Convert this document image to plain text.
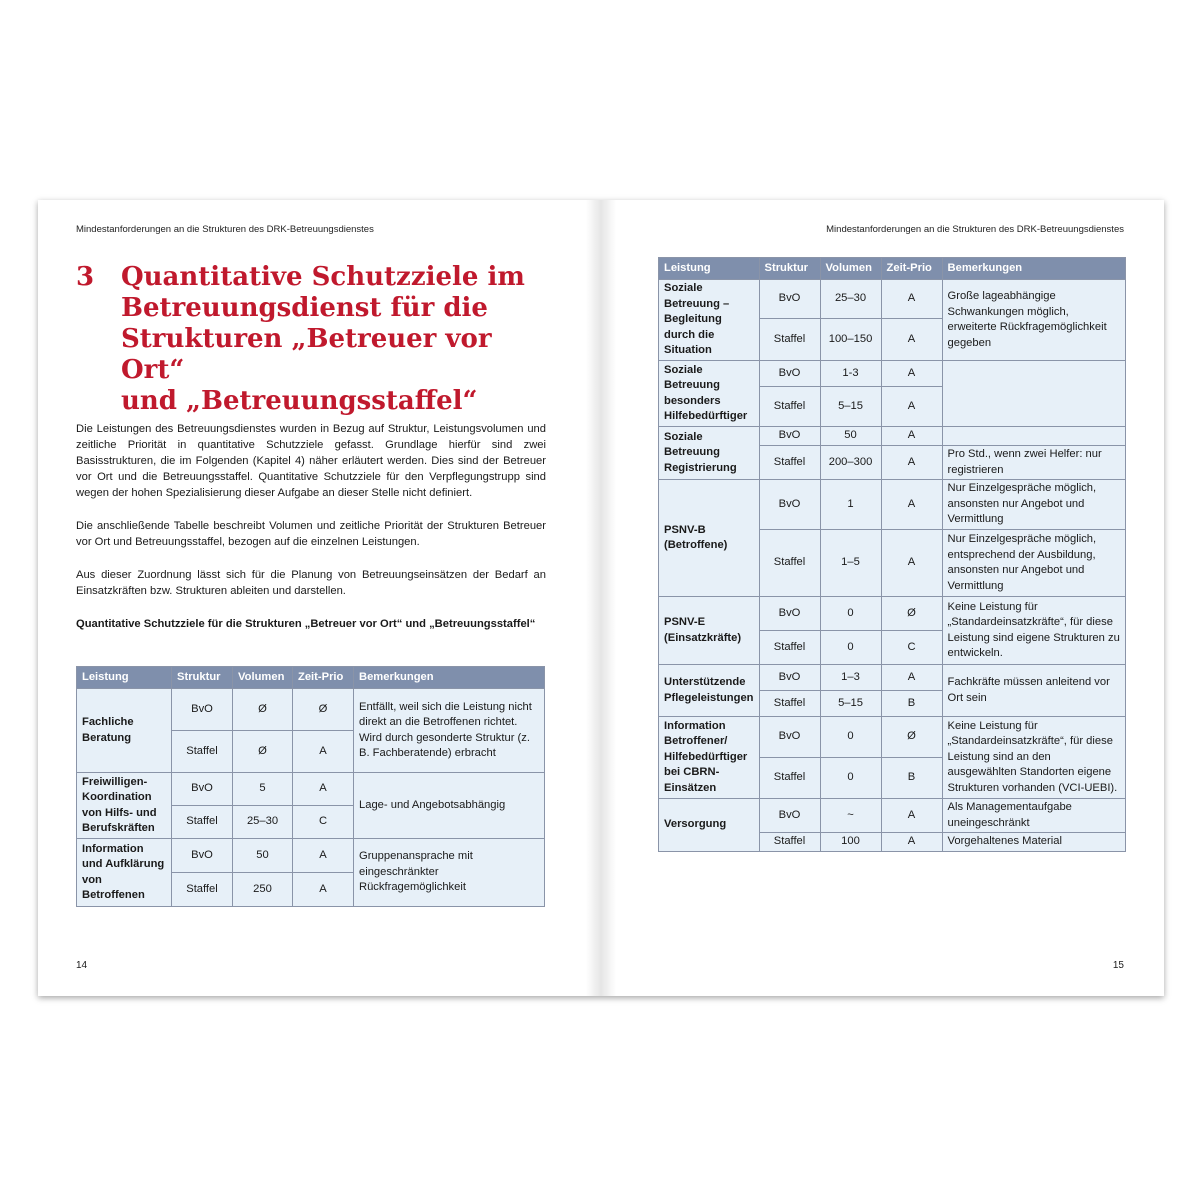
Mindestanforderungen an die Strukturen des DRK-Betreuungsdienstes
3 Quantitative Schutzziele im
Betreuungsdienst für die
Strukturen „Betreuer vor Ort“
und „Betreuungsstaffel“
Die Leistungen des Betreuungsdienstes wurden in Bezug auf Struktur, Leistungsvolumen und zeitliche Priorität in quantitative Schutzziele gefasst. Grundlage hierfür sind zwei Basisstrukturen, die im Folgenden (Kapitel 4) näher erläutert werden. Dies sind der Betreuer vor Ort und die Betreuungsstaffel. Quantitative Schutzziele für den Verpflegungstrupp sind wegen der hohen Spezialisierung dieser Aufgabe an dieser Stelle nicht definiert.
Die anschließende Tabelle beschreibt Volumen und zeitliche Priorität der Strukturen Betreuer vor Ort und Betreuungsstaffel, bezogen auf die einzelnen Leistungen.
Aus dieser Zuordnung lässt sich für die Planung von Betreuungseinsätzen der Bedarf an Einsatzkräften bzw. Strukturen ableiten und darstellen.
Quantitative Schutzziele für die Strukturen „Betreuer vor Ort“ und „Betreuungsstaffel“
Leistung	Struktur	Volumen	Zeit-Prio	Bemerkungen
Fachliche Beratung	BvO	Ø	Ø	Entfällt, weil sich die Leistung nicht direkt an die Betroffenen richtet. Wird durch gesonderte Struktur (z. B. Fachberatende) erbracht
	Staffel	Ø	A	
Freiwilligen-Koordination von Hilfs- und Berufskräften	BvO	5	A	Lage- und Angebotsabhängig
	Staffel	25–30	C	
Information und Aufklärung von Betroffenen	BvO	50	A	Gruppenansprache mit eingeschränkter Rückfragemöglichkeit
	Staffel	250	A	
14
Mindestanforderungen an die Strukturen des DRK-Betreuungsdienstes
Leistung	Struktur	Volumen	Zeit-Prio	Bemerkungen
Soziale Betreuung – Begleitung durch die Situation	BvO	25–30	A	Große lageabhängige Schwankungen möglich, erweiterte Rückfragemöglichkeit gegeben
	Staffel	100–150	A	
Soziale Betreuung besonders Hilfebedürftiger	BvO	1-3	A	
	Staffel	5–15	A	
Soziale Betreuung Registrierung	BvO	50	A	
	Staffel	200–300	A	Pro Std., wenn zwei Helfer: nur registrieren
PSNV-B (Betroffene)	BvO	1	A	Nur Einzelgespräche möglich, ansonsten nur Angebot und Vermittlung
	Staffel	1–5	A	Nur Einzelgespräche möglich, entsprechend der Ausbildung, ansonsten nur Angebot und Vermittlung
PSNV-E (Einsatzkräfte)	BvO	0	Ø	Keine Leistung für „Standardeinsatzkräfte“, für diese Leistung sind eigene Strukturen zu entwickeln.
	Staffel	0	C	
Unterstützende Pflegeleistungen	BvO	1–3	A	Fachkräfte müssen anleitend vor Ort sein
	Staffel	5–15	B	
Information Betroffener/ Hilfebedürftiger bei CBRN-Einsätzen	BvO	0	Ø	Keine Leistung für „Standardeinsatzkräfte“, für diese Leistung sind an den ausgewählten Standorten eigene Strukturen vorhanden (VCI-UEBI).
	Staffel	0	B	
Versorgung	BvO	~	A	Als Managementaufgabe uneingeschränkt
	Staffel	100	A	Vorgehaltenes Material
15
